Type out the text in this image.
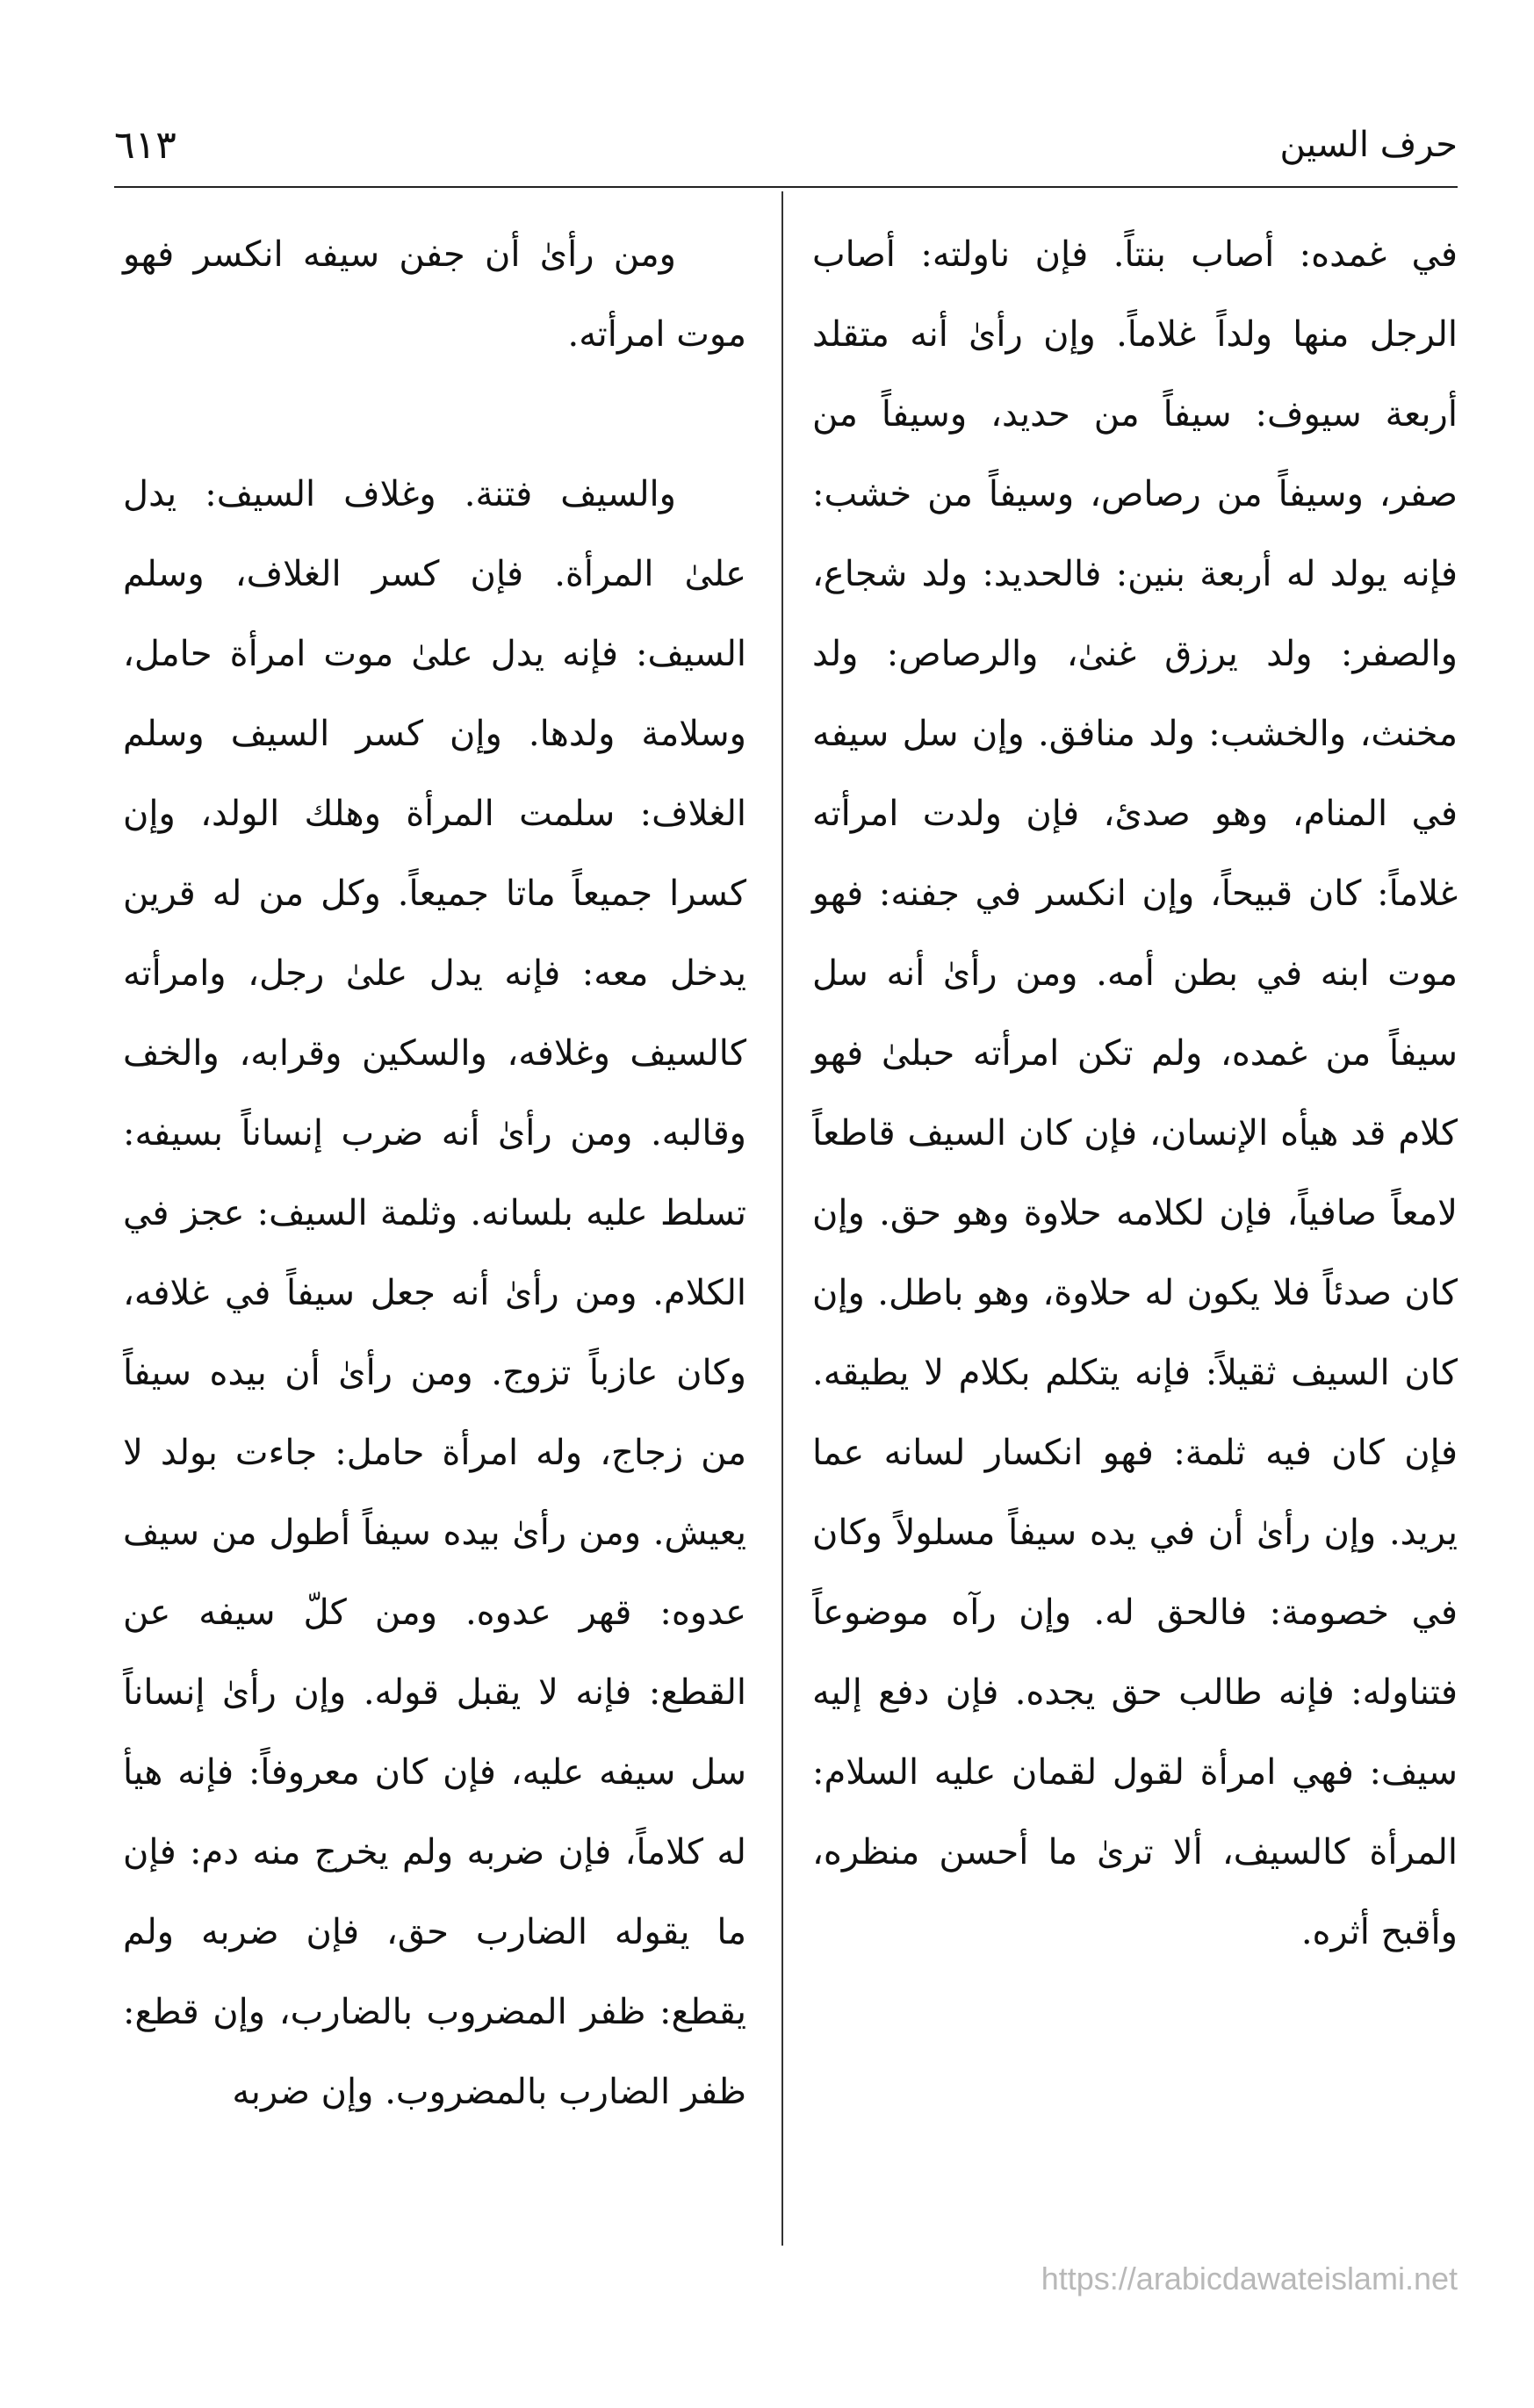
حرف السين
٦١٣

في غمده: أصاب بنتاً. فإن ناولته: أصاب الرجل منها ولداً غلاماً. وإن رأىٰ أنه متقلد أربعة سيوف: سيفاً من حديد، وسيفاً من صفر، وسيفاً من رصاص، وسيفاً من خشب: فإنه يولد له أربعة بنين: فالحديد: ولد شجاع، والصفر: ولد يرزق غنىٰ، والرصاص: ولد مخنث، والخشب: ولد منافق. وإن سل سيفه في المنام، وهو صدئ، فإن ولدت امرأته غلاماً: كان قبيحاً، وإن انكسر في جفنه: فهو موت ابنه في بطن أمه. ومن رأىٰ أنه سل سيفاً من غمده، ولم تكن امرأته حبلىٰ فهو كلام قد هيأه الإنسان، فإن كان السيف قاطعاً لامعاً صافياً، فإن لكلامه حلاوة وهو حق. وإن كان صدئاً فلا يكون له حلاوة، وهو باطل. وإن كان السيف ثقيلاً: فإنه يتكلم بكلام لا يطيقه. فإن كان فيه ثلمة: فهو انكسار لسانه عما يريد. وإن رأىٰ أن في يده سيفاً مسلولاً وكان في خصومة: فالحق له. وإن رآه موضوعاً فتناوله: فإنه طالب حق يجده. فإن دفع إليه سيف: فهي امرأة لقول لقمان عليه السلام: المرأة كالسيف، ألا ترىٰ ما أحسن منظره، وأقبح أثره.

ومن رأىٰ أن جفن سيفه انكسر فهو موت امرأته.

والسيف فتنة. وغلاف السيف: يدل علىٰ المرأة. فإن كسر الغلاف، وسلم السيف: فإنه يدل علىٰ موت امرأة حامل، وسلامة ولدها. وإن كسر السيف وسلم الغلاف: سلمت المرأة وهلك الولد، وإن كسرا جميعاً ماتا جميعاً. وكل من له قرين يدخل معه: فإنه يدل علىٰ رجل، وامرأته كالسيف وغلافه، والسكين وقرابه، والخف وقالبه. ومن رأىٰ أنه ضرب إنساناً بسيفه: تسلط عليه بلسانه. وثلمة السيف: عجز في الكلام. ومن رأىٰ أنه جعل سيفاً في غلافه، وكان عازباً تزوج. ومن رأىٰ أن بيده سيفاً من زجاج، وله امرأة حامل: جاءت بولد لا يعيش. ومن رأىٰ بيده سيفاً أطول من سيف عدوه: قهر عدوه. ومن كلّ سيفه عن القطع: فإنه لا يقبل قوله. وإن رأىٰ إنساناً سل سيفه عليه، فإن كان معروفاً: فإنه هيأ له كلاماً، فإن ضربه ولم يخرج منه دم: فإن ما يقوله الضارب حق، فإن ضربه ولم يقطع: ظفر المضروب بالضارب، وإن قطع: ظفر الضارب بالمضروب. وإن ضربه

https://arabicdawateislami.net
